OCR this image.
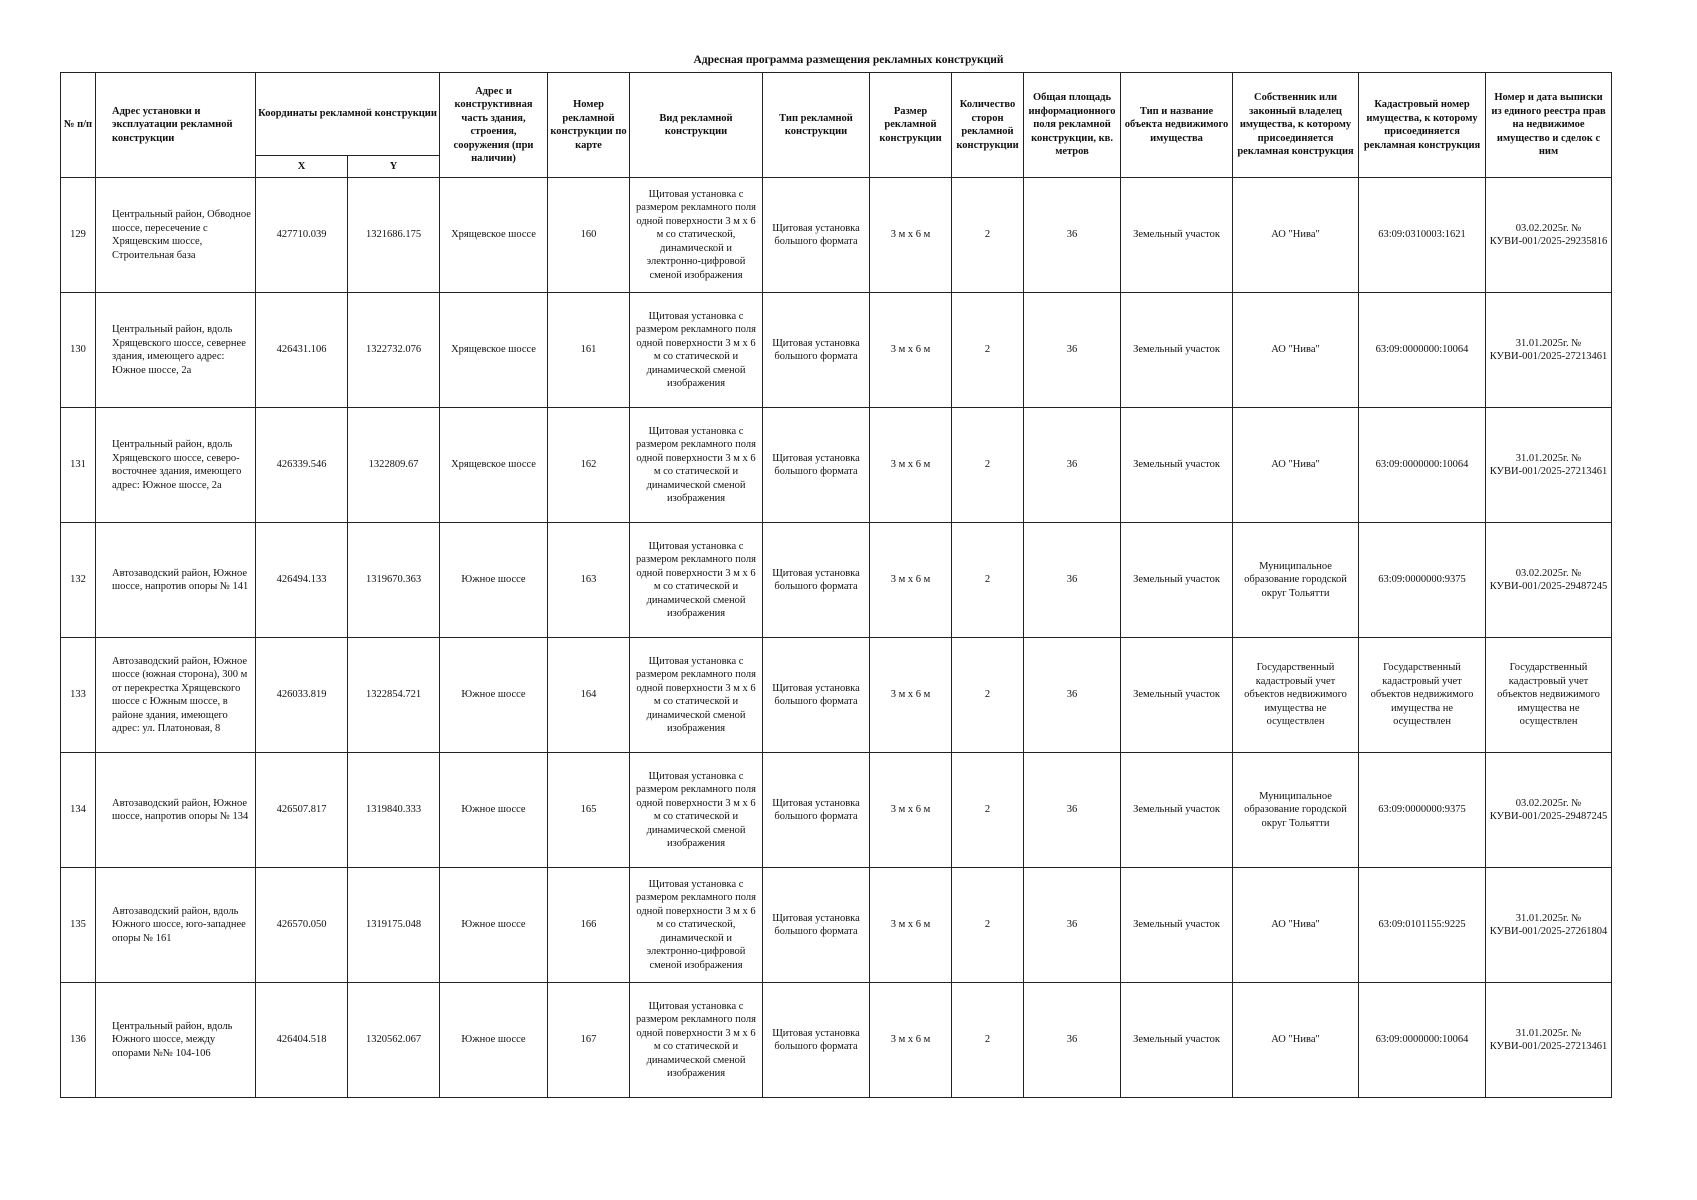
Адресная программа размещения рекламных конструкций
№ п/п	Адрес установки и эксплуатации рекламной конструкции	Координаты рекламной конструкции		Адрес и конструктивная часть здания, строения, сооружения (при наличии)	Номер рекламной конструкции по карте	Вид рекламной конструкции	Тип рекламной конструкции	Размер рекламной конструкции	Количество сторон рекламной конструкции	Общая площадь информационного поля рекламной конструкции, кв. метров	Тип и название объекта недвижимого имущества	Собственник или законный владелец имущества, к которому присоединяется рекламная конструкция	Кадастровый номер имущества, к которому присоединяется рекламная конструкция	Номер и дата выписки из единого реестра прав на недвижимое имущество и сделок с ним
		X	Y											
129	Центральный район, Обводное шоссе, пересечение с Хрящевским шоссе, Строительная база	427710.039	1321686.175	Хрящевское шоссе	160	Щитовая установка с размером рекламного поля одной поверхности 3 м х 6 м со статической, динамической и электронно-цифровой сменой изображения	Щитовая установка большого формата	3 м х 6 м	2	36	Земельный участок	АО "Нива"	63:09:0310003:1621	03.02.2025г. № КУВИ-001/2025-29235816
130	Центральный район, вдоль Хрящевского шоссе, севернее здания, имеющего адрес: Южное шоссе, 2а	426431.106	1322732.076	Хрящевское шоссе	161	Щитовая установка с размером рекламного поля одной поверхности 3 м х 6 м со статической и динамической сменой изображения	Щитовая установка большого формата	3 м х 6 м	2	36	Земельный участок	АО "Нива"	63:09:0000000:10064	31.01.2025г. № КУВИ-001/2025-27213461
131	Центральный район, вдоль Хрящевского шоссе, северо-восточнее здания, имеющего адрес: Южное шоссе, 2а	426339.546	1322809.67	Хрящевское шоссе	162	Щитовая установка с размером рекламного поля одной поверхности 3 м х 6 м со статической и динамической сменой изображения	Щитовая установка большого формата	3 м х 6 м	2	36	Земельный участок	АО "Нива"	63:09:0000000:10064	31.01.2025г. № КУВИ-001/2025-27213461
132	Автозаводский район, Южное шоссе, напротив опоры № 141	426494.133	1319670.363	Южное шоссе	163	Щитовая установка с размером рекламного поля одной поверхности 3 м х 6 м со статической и динамической сменой изображения	Щитовая установка большого формата	3 м х 6 м	2	36	Земельный участок	Муниципальное образование городской округ Тольятти	63:09:0000000:9375	03.02.2025г. № КУВИ-001/2025-29487245
133	Автозаводский район, Южное шоссе (южная сторона), 300 м от перекрестка Хрящевского шоссе с Южным шоссе, в районе здания, имеющего адрес: ул. Платоновая, 8	426033.819	1322854.721	Южное шоссе	164	Щитовая установка с размером рекламного поля одной поверхности 3 м х 6 м со статической и динамической сменой изображения	Щитовая установка большого формата	3 м х 6 м	2	36	Земельный участок	Государственный кадастровый учет объектов недвижимого имущества не осуществлен	Государственный кадастровый учет объектов недвижимого имущества не осуществлен	Государственный кадастровый учет объектов недвижимого имущества не осуществлен
134	Автозаводский район, Южное шоссе, напротив опоры № 134	426507.817	1319840.333	Южное шоссе	165	Щитовая установка с размером рекламного поля одной поверхности 3 м х 6 м со статической и динамической сменой изображения	Щитовая установка большого формата	3 м х 6 м	2	36	Земельный участок	Муниципальное образование городской округ Тольятти	63:09:0000000:9375	03.02.2025г. № КУВИ-001/2025-29487245
135	Автозаводский район, вдоль Южного шоссе, юго-западнее опоры № 161	426570.050	1319175.048	Южное шоссе	166	Щитовая установка с размером рекламного поля одной поверхности 3 м х 6 м со статической, динамической и электронно-цифровой сменой изображения	Щитовая установка большого формата	3 м х 6 м	2	36	Земельный участок	АО "Нива"	63:09:0101155:9225	31.01.2025г. № КУВИ-001/2025-27261804
136	Центральный район, вдоль Южного шоссе, между опорами №№ 104-106	426404.518	1320562.067	Южное шоссе	167	Щитовая установка с размером рекламного поля одной поверхности 3 м х 6 м со статической и динамической сменой изображения	Щитовая установка большого формата	3 м х 6 м	2	36	Земельный участок	АО "Нива"	63:09:0000000:10064	31.01.2025г. № КУВИ-001/2025-27213461
